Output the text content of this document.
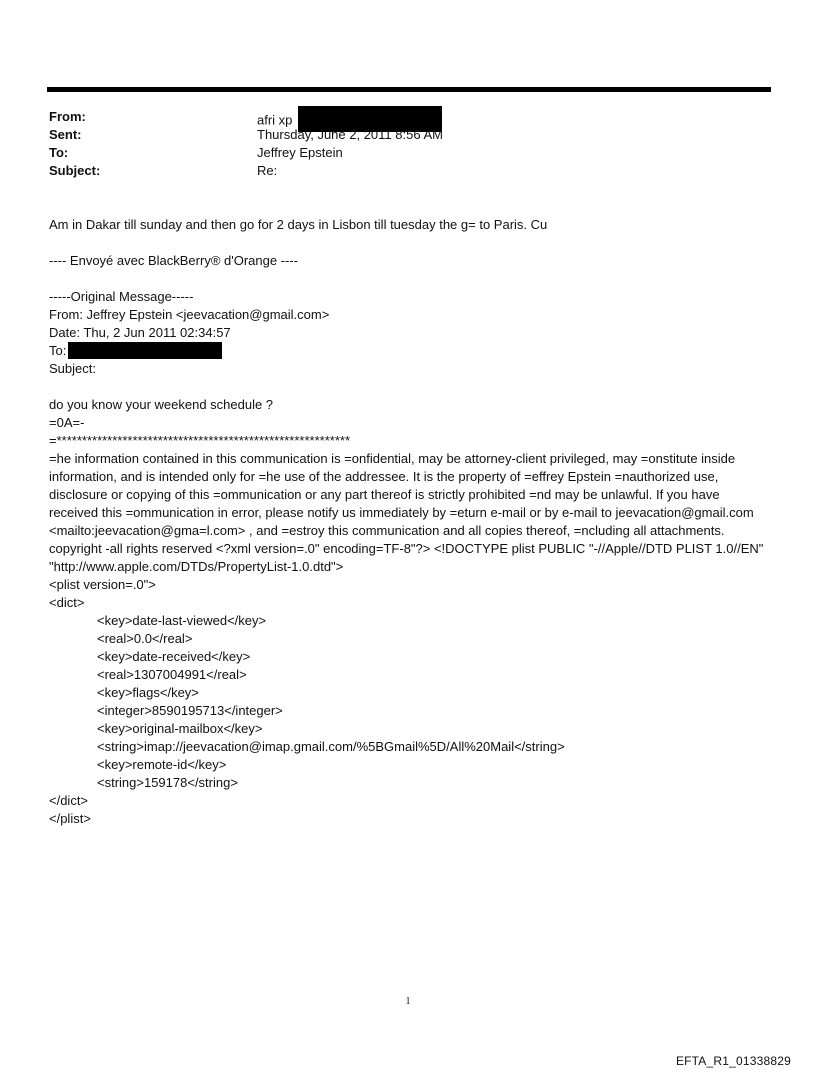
From:	afri xp
Sent:	Thursday, June 2, 2011 8:56 AM
To:	Jeffrey Epstein
Subject:	Re:
Am in Dakar till sunday and then go for 2 days in Lisbon till tuesday the g= to Paris. Cu
---- Envoyé avec BlackBerry® d'Orange ----
-----Original Message-----
From: Jeffrey Epstein <jeevacation@gmail.com>
Date: Thu, 2 Jun 2011 02:34:57
To:
Subject:
do you know your weekend schedule ?
=0A=-
=**********************************************************
=he information contained in this communication is =onfidential, may be attorney-client privileged, may =onstitute inside information, and is intended only for =he use of the addressee. It is the property of =effrey Epstein =nauthorized use, disclosure or copying of this =ommunication or any part thereof is strictly prohibited =nd may be unlawful. If you have received this =ommunication in error, please notify us immediately by =eturn e-mail or by e-mail to jeevacation@gmail.com <mailto:jeevacation@gma=l.com> , and =estroy this communication and all copies thereof, =ncluding all attachments. copyright -all rights reserved <?xml version=.0" encoding=TF-8"?> <!DOCTYPE plist PUBLIC "-//Apple//DTD PLIST 1.0//EN" "http://www.apple.com/DTDs/PropertyList-1.0.dtd">
<plist version=.0">
<dict>
<key>date-last-viewed</key>
<real>0.0</real>
<key>date-received</key>
<real>1307004991</real>
<key>flags</key>
<integer>8590195713</integer>
<key>original-mailbox</key>
<string>imap://jeevacation@imap.gmail.com/%5BGmail%5D/All%20Mail</string>
<key>remote-id</key>
<string>159178</string>
</dict>
</plist>
1
EFTA_R1_01338829
